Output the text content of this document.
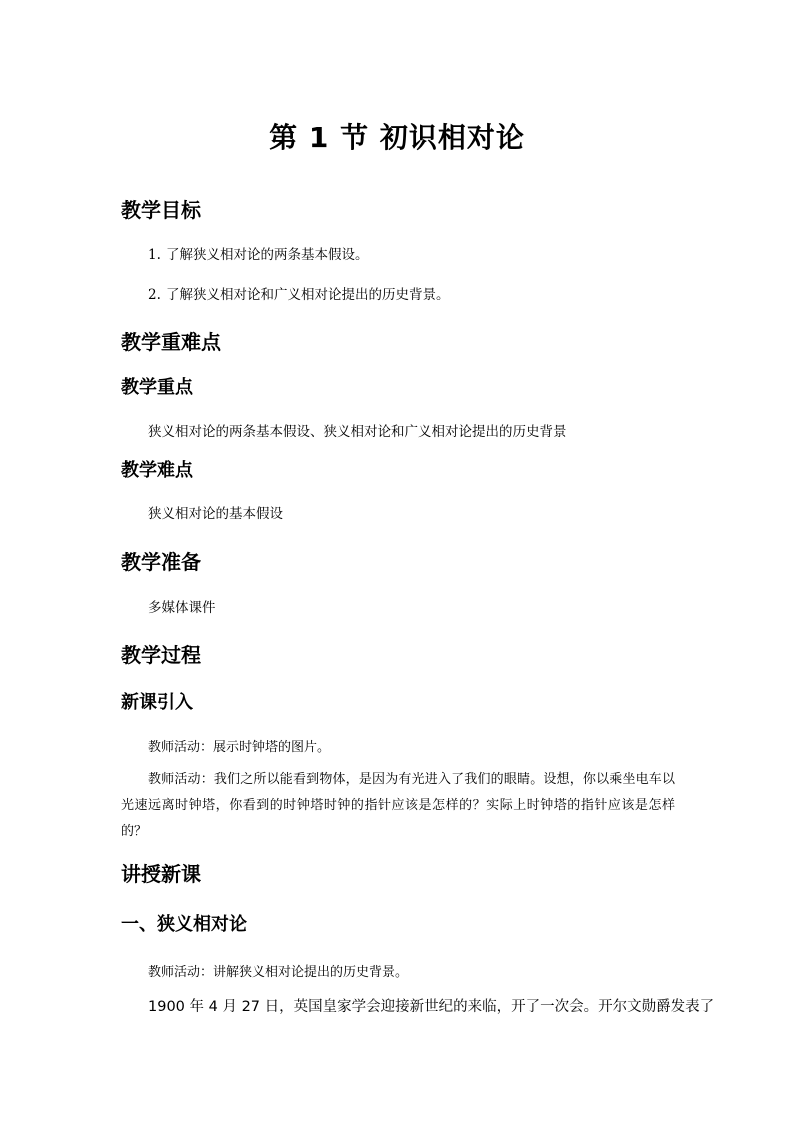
第 1 节 初识相对论
教学目标
1. 了解狭义相对论的两条基本假设。
2. 了解狭义相对论和广义相对论提出的历史背景。
教学重难点
教学重点
狭义相对论的两条基本假设、狭义相对论和广义相对论提出的历史背景
教学难点
狭义相对论的基本假设
教学准备
多媒体课件
教学过程
新课引入
教师活动：展示时钟塔的图片。
教师活动：我们之所以能看到物体，是因为有光进入了我们的眼睛。设想，你以乘坐电车以光速远离时钟塔，你看到的时钟塔时钟的指针应该是怎样的？实际上时钟塔的指针应该是怎样的？
讲授新课
一、狭义相对论
教师活动：讲解狭义相对论提出的历史背景。
1900 年 4 月 27 日，英国皇家学会迎接新世纪的来临，开了一次会。开尔文勋爵发表了
